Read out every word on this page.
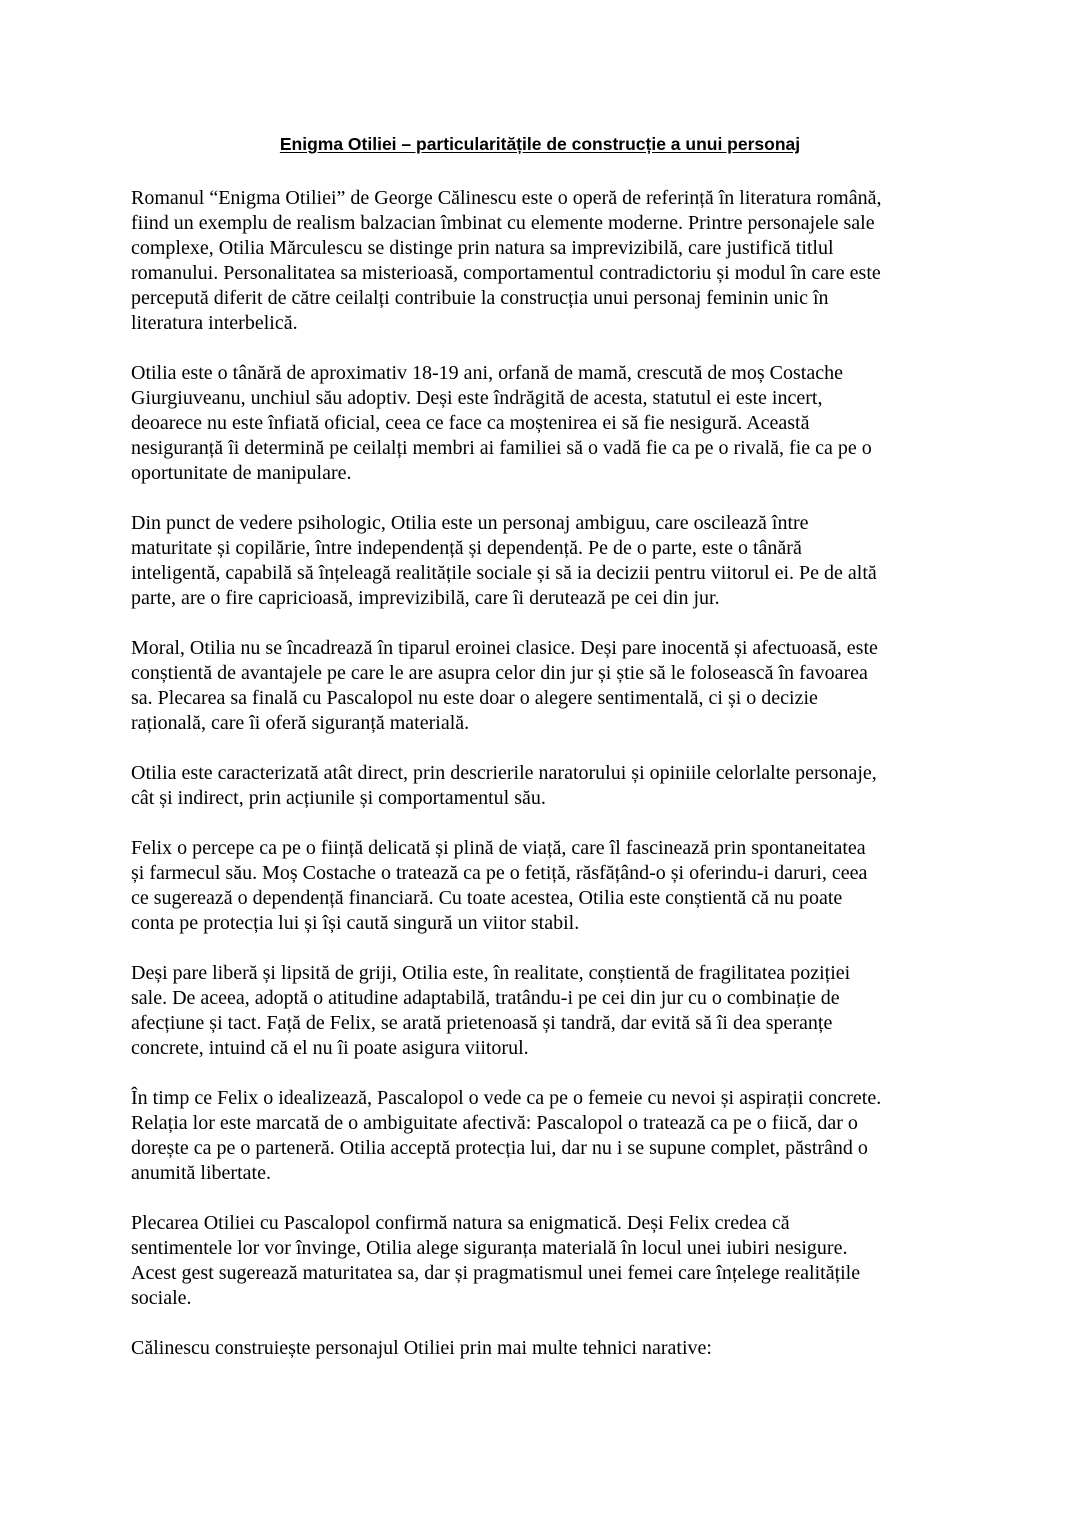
Enigma Otiliei – particularitățile de construcție a unui personaj

Romanul “Enigma Otiliei” de George Călinescu este o operă de referință în literatura română,
fiind un exemplu de realism balzacian îmbinat cu elemente moderne. Printre personajele sale
complexe, Otilia Mărculescu se distinge prin natura sa imprevizibilă, care justifică titlul
romanului. Personalitatea sa misterioasă, comportamentul contradictoriu și modul în care este
percepută diferit de către ceilalți contribuie la construcția unui personaj feminin unic în
literatura interbelică.

Otilia este o tânără de aproximativ 18-19 ani, orfană de mamă, crescută de moș Costache
Giurgiuveanu, unchiul său adoptiv. Deși este îndrăgită de acesta, statutul ei este incert,
deoarece nu este înfiată oficial, ceea ce face ca moștenirea ei să fie nesigură. Această
nesiguranță îi determină pe ceilalți membri ai familiei să o vadă fie ca pe o rivală, fie ca pe o
oportunitate de manipulare.

Din punct de vedere psihologic, Otilia este un personaj ambiguu, care oscilează între
maturitate și copilărie, între independență și dependență. Pe de o parte, este o tânără
inteligentă, capabilă să înțeleagă realitățile sociale și să ia decizii pentru viitorul ei. Pe de altă
parte, are o fire capricioasă, imprevizibilă, care îi derutează pe cei din jur.

Moral, Otilia nu se încadrează în tiparul eroinei clasice. Deși pare inocentă și afectuoasă, este
conștientă de avantajele pe care le are asupra celor din jur și știe să le folosească în favoarea
sa. Plecarea sa finală cu Pascalopol nu este doar o alegere sentimentală, ci și o decizie
rațională, care îi oferă siguranță materială.

Otilia este caracterizată atât direct, prin descrierile naratorului și opiniile celorlalte personaje,
cât și indirect, prin acțiunile și comportamentul său.

Felix o percepe ca pe o ființă delicată și plină de viață, care îl fascinează prin spontaneitatea
și farmecul său. Moș Costache o tratează ca pe o fetiță, răsfățând-o și oferindu-i daruri, ceea
ce sugerează o dependență financiară. Cu toate acestea, Otilia este conștientă că nu poate
conta pe protecția lui și își caută singură un viitor stabil.

Deși pare liberă și lipsită de griji, Otilia este, în realitate, conștientă de fragilitatea poziției
sale. De aceea, adoptă o atitudine adaptabilă, tratându-i pe cei din jur cu o combinație de
afecțiune și tact. Față de Felix, se arată prietenoasă și tandră, dar evită să îi dea speranțe
concrete, intuind că el nu îi poate asigura viitorul.

În timp ce Felix o idealizează, Pascalopol o vede ca pe o femeie cu nevoi și aspirații concrete.
Relația lor este marcată de o ambiguitate afectivă: Pascalopol o tratează ca pe o fiică, dar o
dorește ca pe o parteneră. Otilia acceptă protecția lui, dar nu i se supune complet, păstrând o
anumită libertate.

Plecarea Otiliei cu Pascalopol confirmă natura sa enigmatică. Deși Felix credea că
sentimentele lor vor învinge, Otilia alege siguranța materială în locul unei iubiri nesigure.
Acest gest sugerează maturitatea sa, dar și pragmatismul unei femei care înțelege realitățile
sociale.

Călinescu construiește personajul Otiliei prin mai multe tehnici narative:
